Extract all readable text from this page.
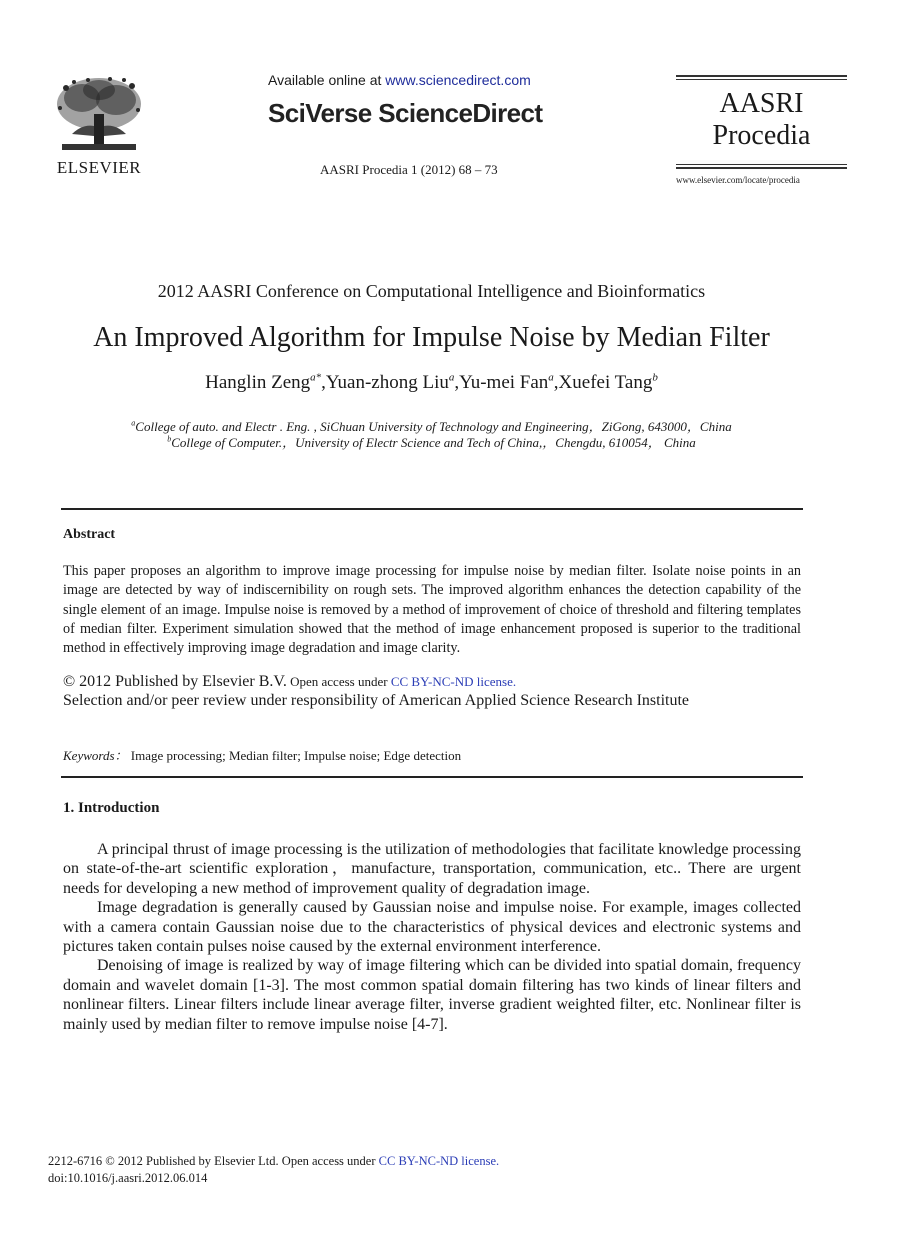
ELSEVIER
Available online at www.sciencedirect.com
SciVerse ScienceDirect
AASRI Procedia 1 (2012) 68 – 73
AASRI
Procedia
www.elsevier.com/locate/procedia
2012 AASRI Conference on Computational Intelligence and Bioinformatics
An Improved Algorithm for Impulse Noise by Median Filter
Hanglin Zeng$^{a*}$,Yuan-zhong Liu$^a$,Yu-mei Fan$^a$,Xuefei Tang$^b$
$^a$College of auto. and Electr . Eng. , SiChuan University of Technology and Engineering，ZiGong, 643000，China
$^b$College of Computer.，University of Electr Science and Tech of China,，Chengdu, 610054， China
Abstract
This paper proposes an algorithm to improve image processing for impulse noise by median filter. Isolate noise points in an image are detected by way of indiscernibility on rough sets. The improved algorithm enhances the detection capability of the single element of an image. Impulse noise is removed by a method of improvement of choice of threshold and filtering templates of median filter. Experiment simulation showed that the method of image enhancement proposed is superior to the traditional method in effectively improving image degradation and image clarity.
© 2012 Published by Elsevier B.V. Open access under CC BY-NC-ND license.
Selection and/or peer review under responsibility of American Applied Science Research Institute
Keywords： Image processing; Median filter; Impulse noise; Edge detection
1. Introduction

A principal thrust of image processing is the utilization of methodologies that facilitate knowledge processing on state-of-the-art scientific exploration，manufacture, transportation, communication, etc.. There are urgent needs for developing a new method of improvement quality of degradation image.

Image degradation is generally caused by Gaussian noise and impulse noise. For example, images collected with a camera contain Gaussian noise due to the characteristics of physical devices and electronic systems and pictures taken contain pulses noise caused by the external environment interference.

Denoising of image is realized by way of image filtering which can be divided into spatial domain, frequency domain and wavelet domain [1-3]. The most common spatial domain filtering has two kinds of linear filters and nonlinear filters. Linear filters include linear average filter, inverse gradient weighted filter, etc. Nonlinear filter is mainly used by median filter to remove impulse noise [4-7].

2212-6716 © 2012 Published by Elsevier Ltd. Open access under CC BY-NC-ND license.
doi:10.1016/j.aasri.2012.06.014
